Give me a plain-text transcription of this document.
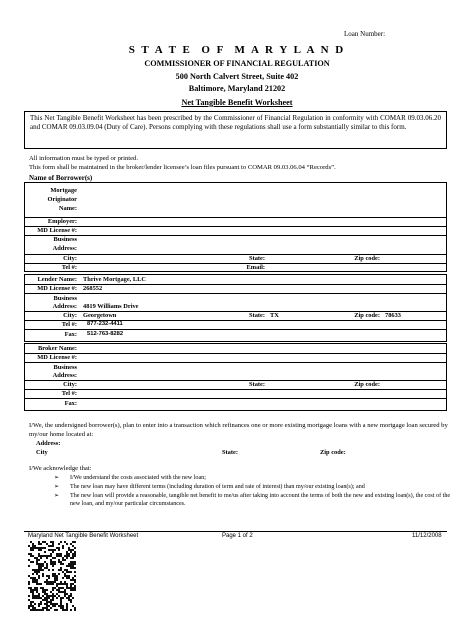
Loan Number:
S T A T E  O F  M A R Y L A N D
COMMISSIONER OF FINANCIAL REGULATION
500 North Calvert Street, Suite 402
Baltimore, Maryland 21202
Net Tangible Benefit Worksheet
This Net Tangible Benefit Worksheet has been prescribed by the Commissioner of Financial Regulation in conformity with COMAR 09.03.06.20 and COMAR 09.03.09.04 (Duty of Care). Persons complying with these regulations shall use a form substantially similar to this form.
All information must be typed or printed.
This form shall be maintained in the broker/lender licensee’s loan files pursuant to COMAR 09.03.06.04 “Records”.
Name of Borrower(s)
Mortgage
Originator
Name:
Employer:
MD License #:
Business
Address:
City:	State:	Zip code:
Tel #:	Email:
Lender Name: Thrive Mortgage, LLC
MD License #: 268552
Business
Address: 4819 Williams Drive
City: Georgetown	State: TX	Zip code: 78633
Tel #: 877-232-4411
Fax: 512-763-8282
Broker Name:
MD License #:
Business
Address:
City:	State:	Zip code:
Tel #:
Fax:
I/We, the undersigned borrower(s), plan to enter into a transaction which refinances one or more existing mortgage loans with a new mortgage loan secured by my/our home located at:
Address:
City	State:	Zip code:
I/We acknowledge that:
➢ I/We understand the costs associated with the new loan;
➢ The new loan may have different terms (including duration of term and rate of interest) than my/our existing loan(s); and
➢ The new loan will provide a reasonable, tangible net benefit to me/us after taking into account the terms of both the new and existing loan(s), the cost of the new loan, and my/our particular circumstances.
Maryland Net Tangible Benefit Worksheet	Page 1 of 2	11/12/2008
